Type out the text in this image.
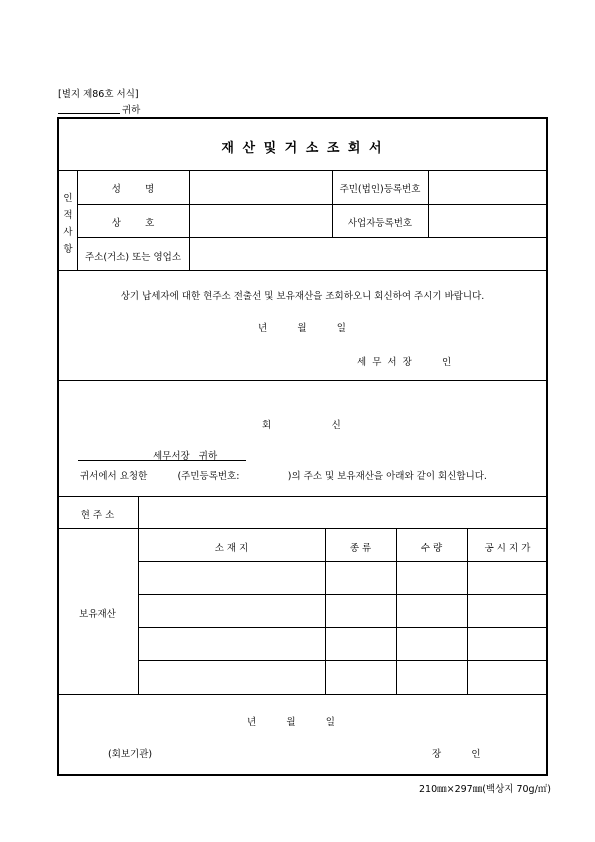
[별지 제86호 서식]
귀하
재 산 및 거 소 조 회 서
인
적
사
항
성        명	주민(법인)등록번호
상        호	사업자등록번호
주소(거소) 또는 영업소
상기 납세자에 대한 현주소 전출선 및 보유재산을 조회하오니 회신하여 주시기 바랍니다.
년          월          일
세  무  서  장          인
회                    신
세무서장   귀하
귀서에서 요청한          (주민등록번호:                )의 주소 및 보유재산을 아래와 같이 회신합니다.
현 주 소
보유재산
소 재 지	종 류	수 량	공 시 지 가
년          월          일
(회보기관)	장          인
210㎜×297㎜(백상지 70g/㎡)
